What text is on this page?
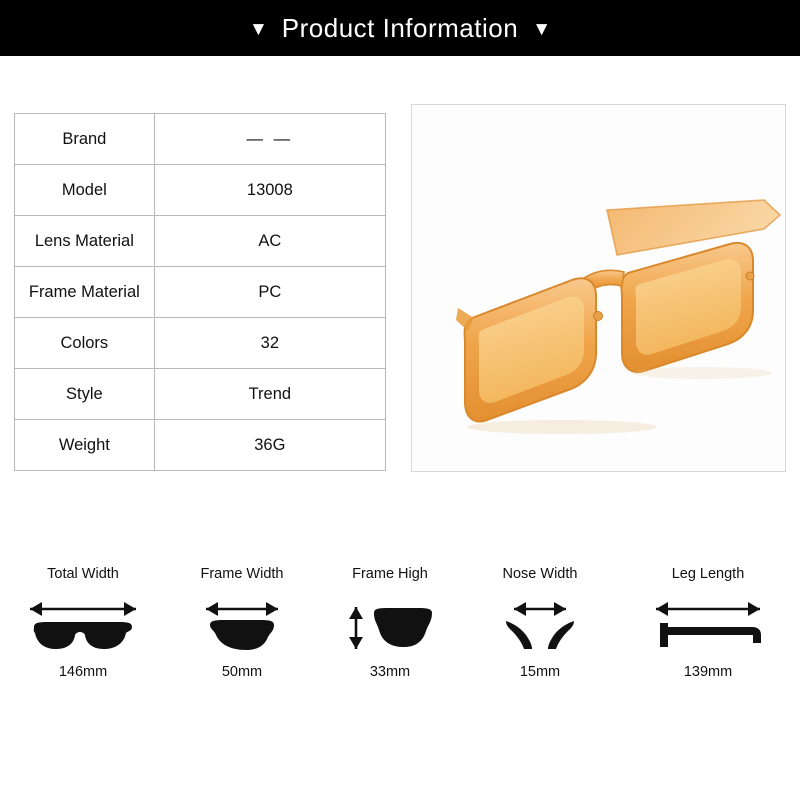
▼ Product Information ▼
Brand	— —
Model	13008
Lens Material	AC
Frame Material	PC
Colors	32
Style	Trend
Weight	36G
Total Width
146mm
Frame Width
50mm
Frame High
33mm
Nose Width
15mm
Leg Length
139mm
